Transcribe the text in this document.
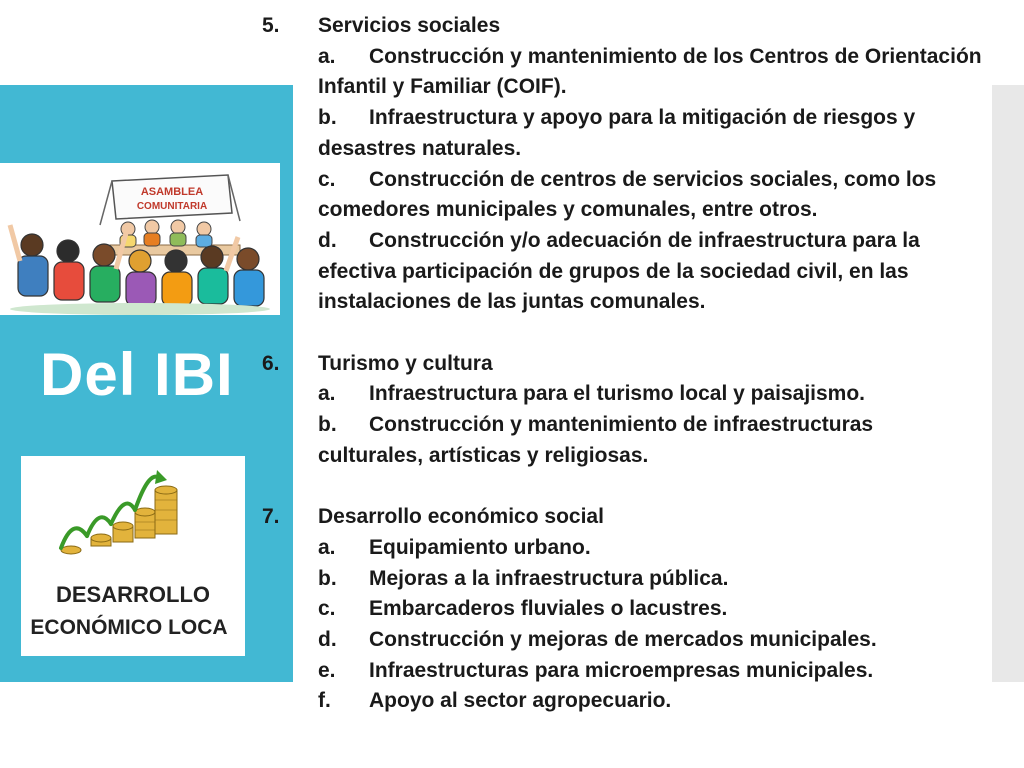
ASAMBLEA
COMUNITARIA
DESARROLLO
ECONÓMICO LOCA
Del IBI
5.	Servicios sociales
a. Construcción y mantenimiento de los Centros de Orientación Infantil y Familiar (COIF).
b. Infraestructura y apoyo para la mitigación de riesgos y desastres naturales.
c. Construcción de centros de servicios sociales, como los comedores municipales y comunales, entre otros.
d. Construcción y/o adecuación de infraestructura para la efectiva participación de grupos de la sociedad civil, en las instalaciones de las juntas comunales.
6.	Turismo y cultura
a. Infraestructura para el turismo local y paisajismo.
b. Construcción y mantenimiento de infraestructuras culturales, artísticas y religiosas.
7.	Desarrollo económico social
a. Equipamiento urbano.
b. Mejoras a la infraestructura pública.
c. Embarcaderos fluviales o lacustres.
d. Construcción y mejoras de mercados municipales.
e. Infraestructuras para microempresas municipales.
f. Apoyo al sector agropecuario.
